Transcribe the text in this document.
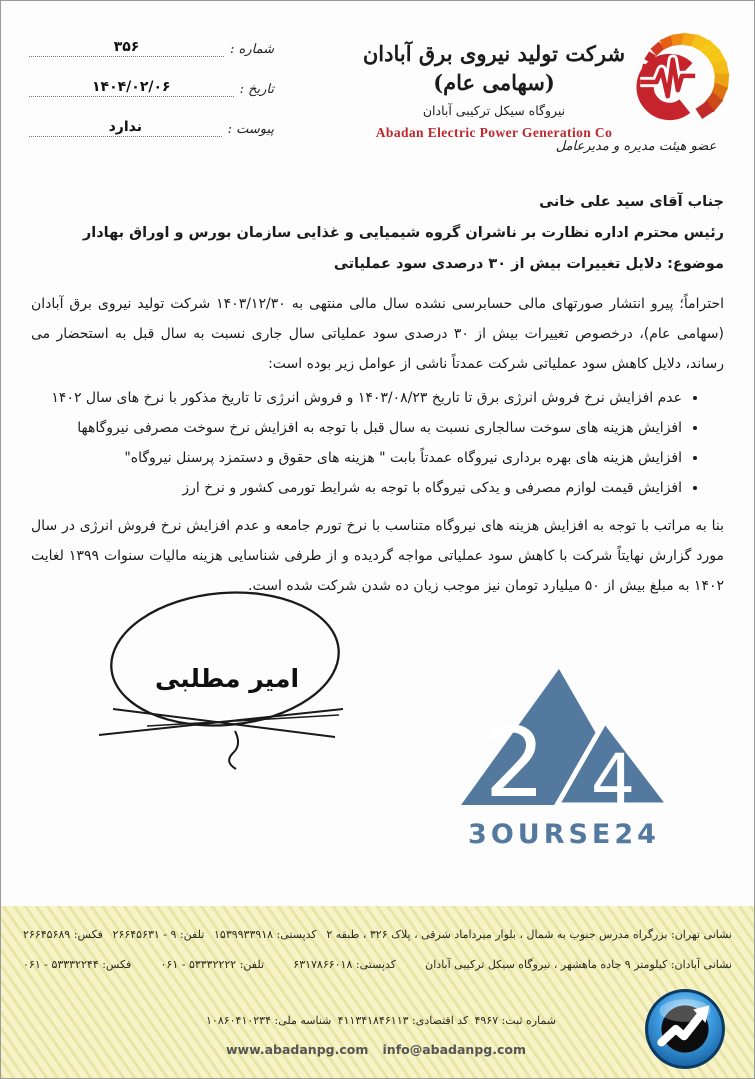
شماره :
۳۵۶
تاریخ :
۱۴۰۴/۰۲/۰۶
پیوست :
ندارد
شرکت تولید نیروی برق آبادان (سهامی عام)
نیروگاه سیکل ترکیبی آبادان
Abadan Electric Power Generation Co
عضو هیئت مدیره و مدیرعامل
جناب آقای سید علی خانی
رئیس محترم اداره نظارت بر ناشران گروه شیمیایی و غذایی سازمان بورس و اوراق بهادار
موضوع: دلایل تغییرات بیش از ۳۰ درصدی سود عملیاتی

احتراماً؛ پیرو انتشار صورتهای مالی حسابرسی نشده سال مالی منتهی به ۱۴۰۳/۱۲/۳۰ شرکت تولید نیروی برق آبادان (سهامی عام)، درخصوص تغییرات بیش از ۳۰ درصدی سود عملیاتی سال جاری نسبت به سال قبل به استحضار می رساند، دلایل کاهش سود عملیاتی شرکت عمدتاً ناشی از عوامل زیر بوده است:

• عدم افزایش نرخ فروش انرژی برق تا تاریخ ۱۴۰۳/۰۸/۲۳ و فروش انرژی تا تاریخ مذکور با نرخ های سال ۱۴۰۲
• افزایش هزینه های سوخت سالجاری نسبت به سال قبل با توجه به افزایش نرخ سوخت مصرفی نیروگاهها
• افزایش هزینه های بهره برداری نیروگاه عمدتاً بابت " هزینه های حقوق و دستمزد پرسنل نیروگاه"
• افزایش قیمت لوازم مصرفی و یدکی نیروگاه با توجه به شرایط تورمی کشور و نرخ ارز

بنا به مراتب با توجه به افزایش هزینه های نیروگاه متناسب با نرخ تورم جامعه و عدم افزایش نرخ فروش انرژی در سال مورد گزارش نهایتاً شرکت با کاهش سود عملیاتی مواجه گردیده و از طرفی شناسایی هزینه مالیات سنوات ۱۳۹۹ لغایت ۱۴۰۲ به مبلغ بیش از ۵۰ میلیارد تومان نیز موجب زیان ده شدن شرکت شده است.

امیر مطلبی
2 4
3OURSE24
نشانی تهران: بزرگراه مدرس جنوب به شمال ، بلوار میرداماد شرقی ، پلاک ۳۲۶ ، طبقه ۲
کدپستی: ۱۵۳۹۹۳۳۹۱۸
تلفن: ۹ - ۲۶۶۴۵۶۳۱
فکس: ۲۶۶۴۵۶۸۹
نشانی آبادان: کیلومتر ۹ جاده ماهشهر ، نیروگاه سیکل ترکیبی آبادان
کدپستی: ۶۳۱۷۸۶۶۰۱۸
تلفن: ۵۳۳۳۲۲۲۲ - ۰۶۱
فکس: ۵۳۳۳۲۲۴۴ - ۰۶۱
شماره ثبت: ۴۹۶۷
کد اقتصادی: ۴۱۱۳۴۱۸۴۶۱۱۳
شناسه ملی: ۱۰۸۶۰۴۱۰۲۳۴
www.abadanpg.com info@abadanpg.com
